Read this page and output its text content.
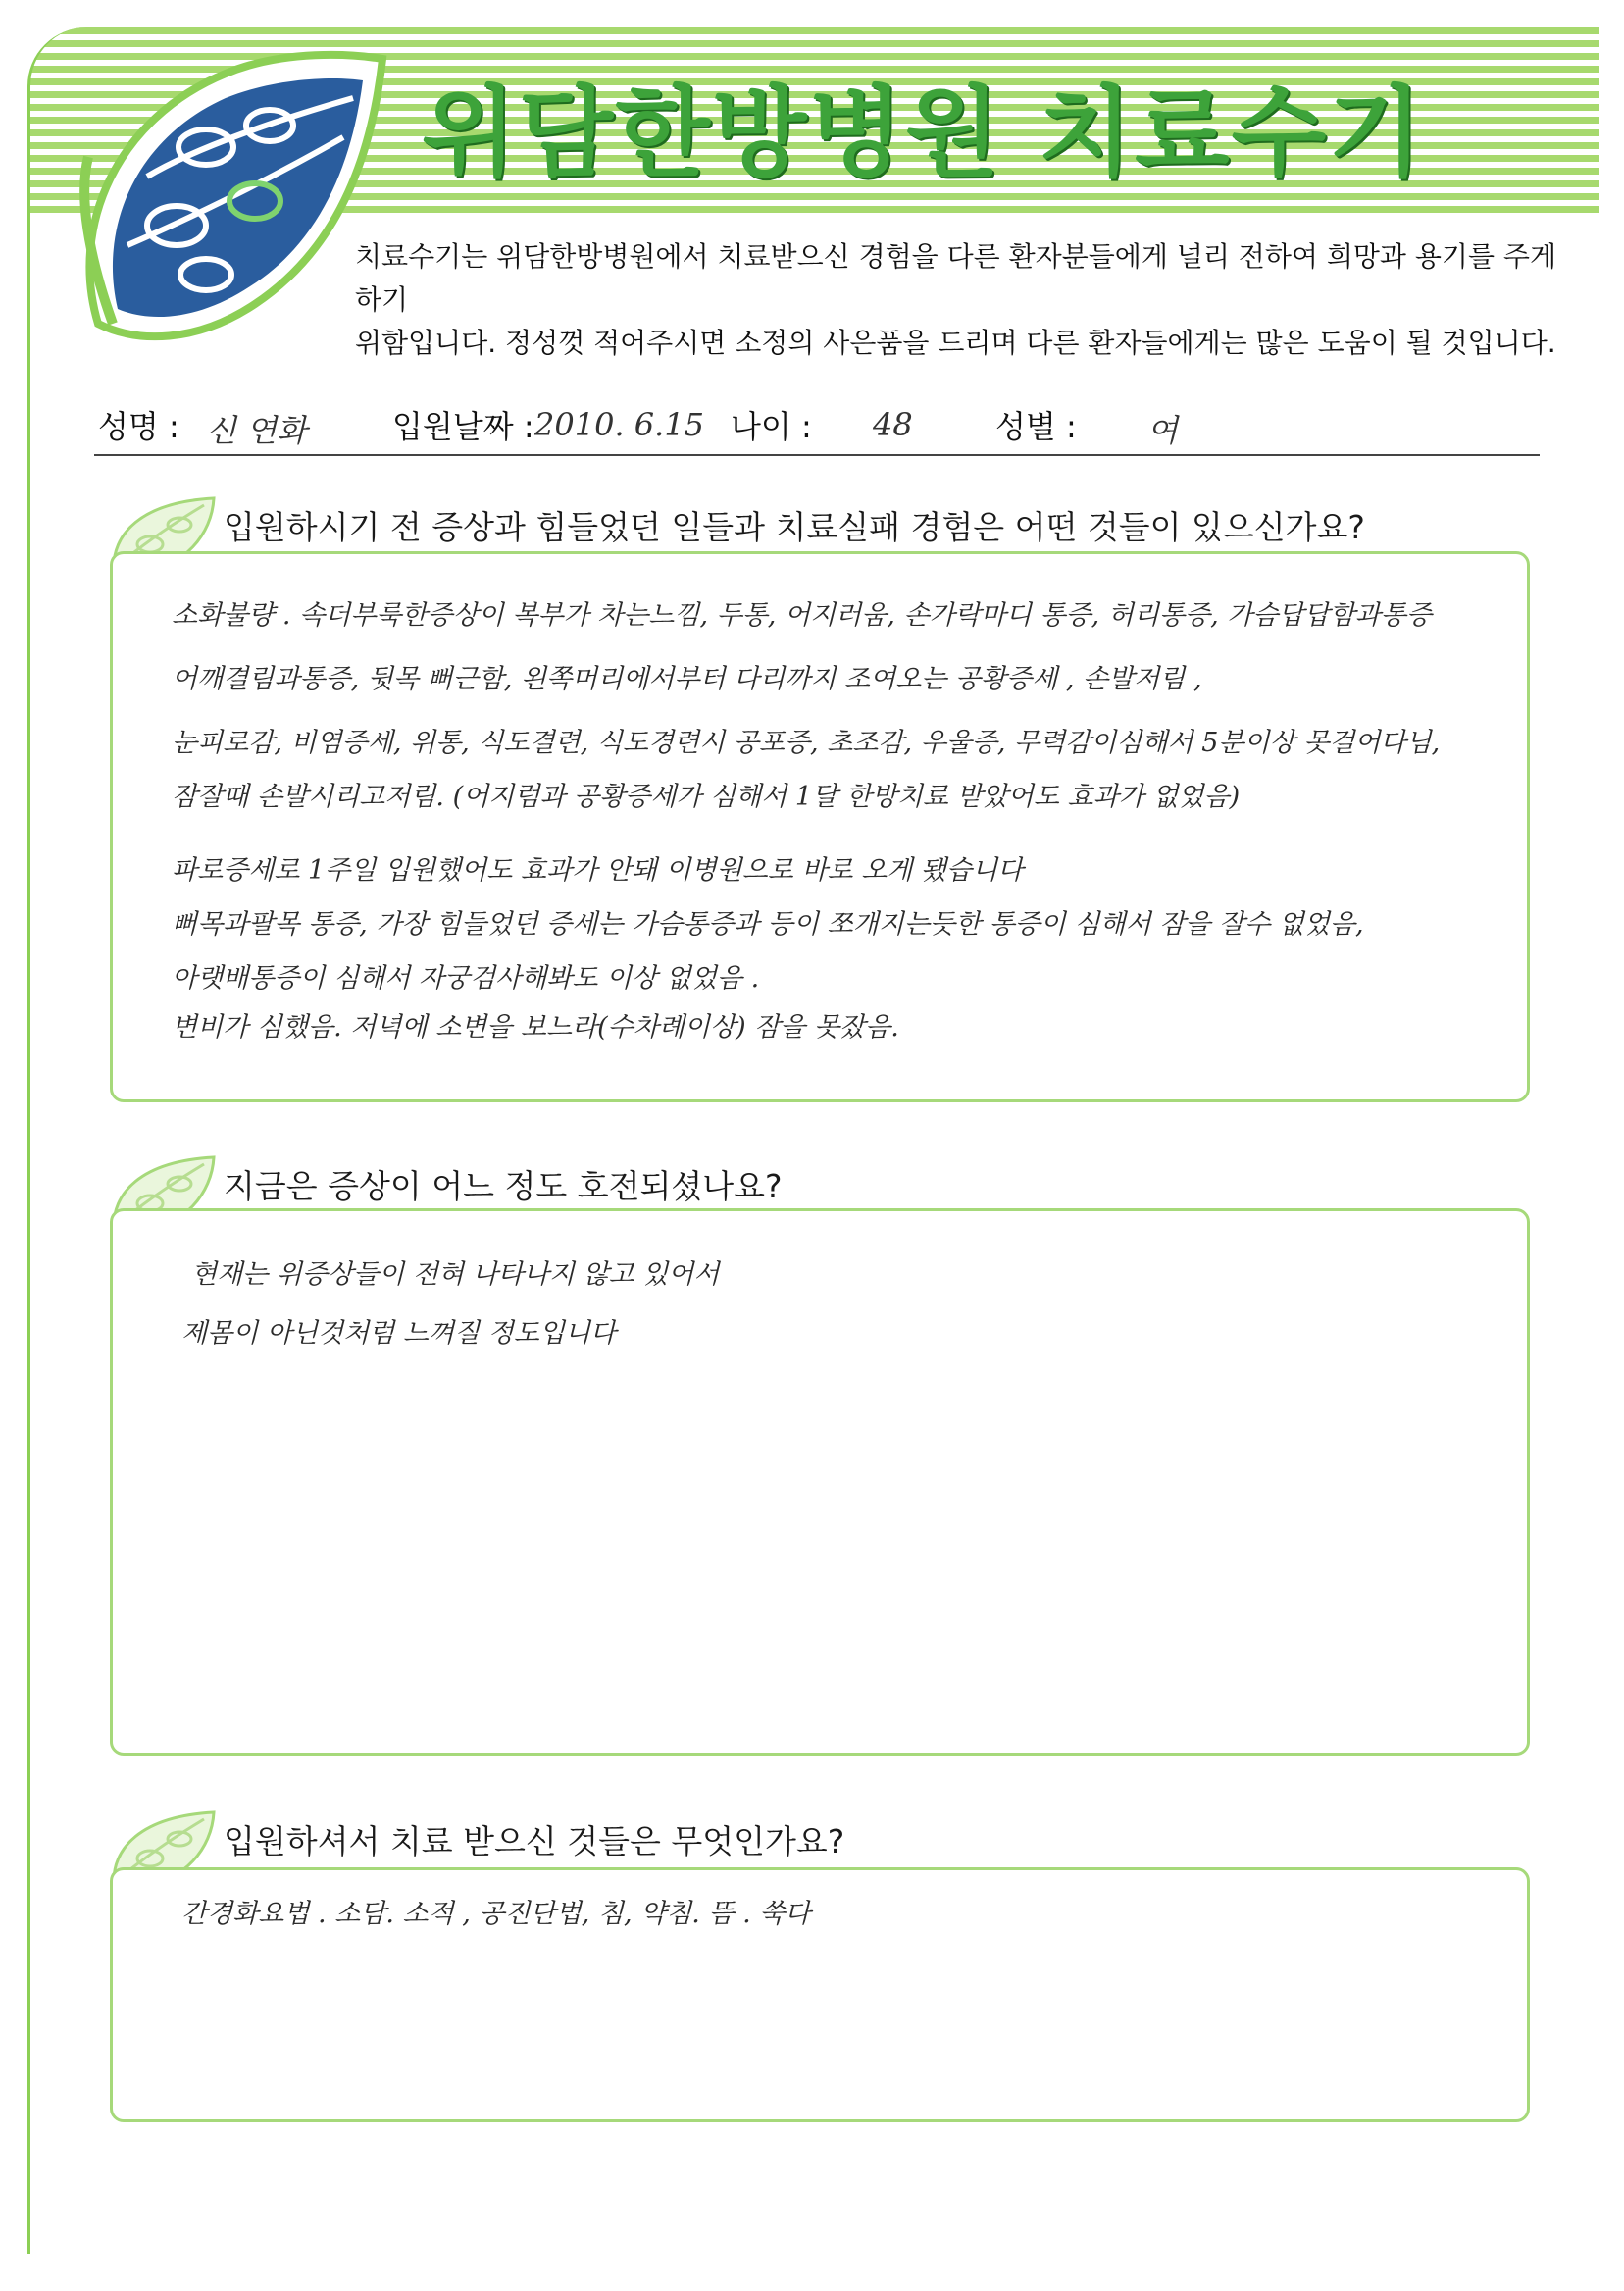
위담한방병원 치료수기
치료수기는 위담한방병원에서 치료받으신 경험을 다른 환자분들에게 널리 전하여 희망과 용기를 주게 하기
위함입니다. 정성껏 적어주시면 소정의 사은품을 드리며 다른 환자들에게는 많은 도움이 될 것입니다.
성명 : 신 연화	입원날짜 : 2010. 6.15 나이 : 48	성별 : 여
입원하시기 전 증상과 힘들었던 일들과 치료실패 경험은 어떤 것들이 있으신가요?
소화불량 . 속더부룩한증상이 복부가 차는느낌, 두통, 어지러움, 손가락마디 통증, 허리통증, 가슴답답함과통증
어깨결림과통증, 뒷목 뻐근함, 왼쪽머리에서부터 다리까지 조여오는 공황증세 , 손발저림 ,
눈피로감, 비염증세, 위통, 식도결련, 식도경련시 공포증, 초조감, 우울증, 무력감이심해서 5분이상 못걸어다님,
잠잘때 손발시리고저림. (어지럼과 공황증세가 심해서 1달 한방치료 받았어도 효과가 없었음)
파로증세로 1주일 입원했어도 효과가 안돼 이병원으로 바로 오게 됐습니다
뻐목과팔목 통증, 가장 힘들었던 증세는 가슴통증과 등이 쪼개지는듯한 통증이 심해서 잠을 잘수 없었음,
아랫배통증이 심해서 자궁검사해봐도 이상 없었음 .
변비가 심했음. 저녁에 소변을 보느라(수차례이상) 잠을 못잤음.
지금은 증상이 어느 정도 호전되셨나요?
현재는 위증상들이 전혀 나타나지 않고 있어서
제몸이 아닌것처럼 느껴질 정도입니다
입원하셔서 치료 받으신 것들은 무엇인가요?
간경화요법 . 소담. 소적 , 공진단법, 침, 약침. 뜸 . 쑥다
